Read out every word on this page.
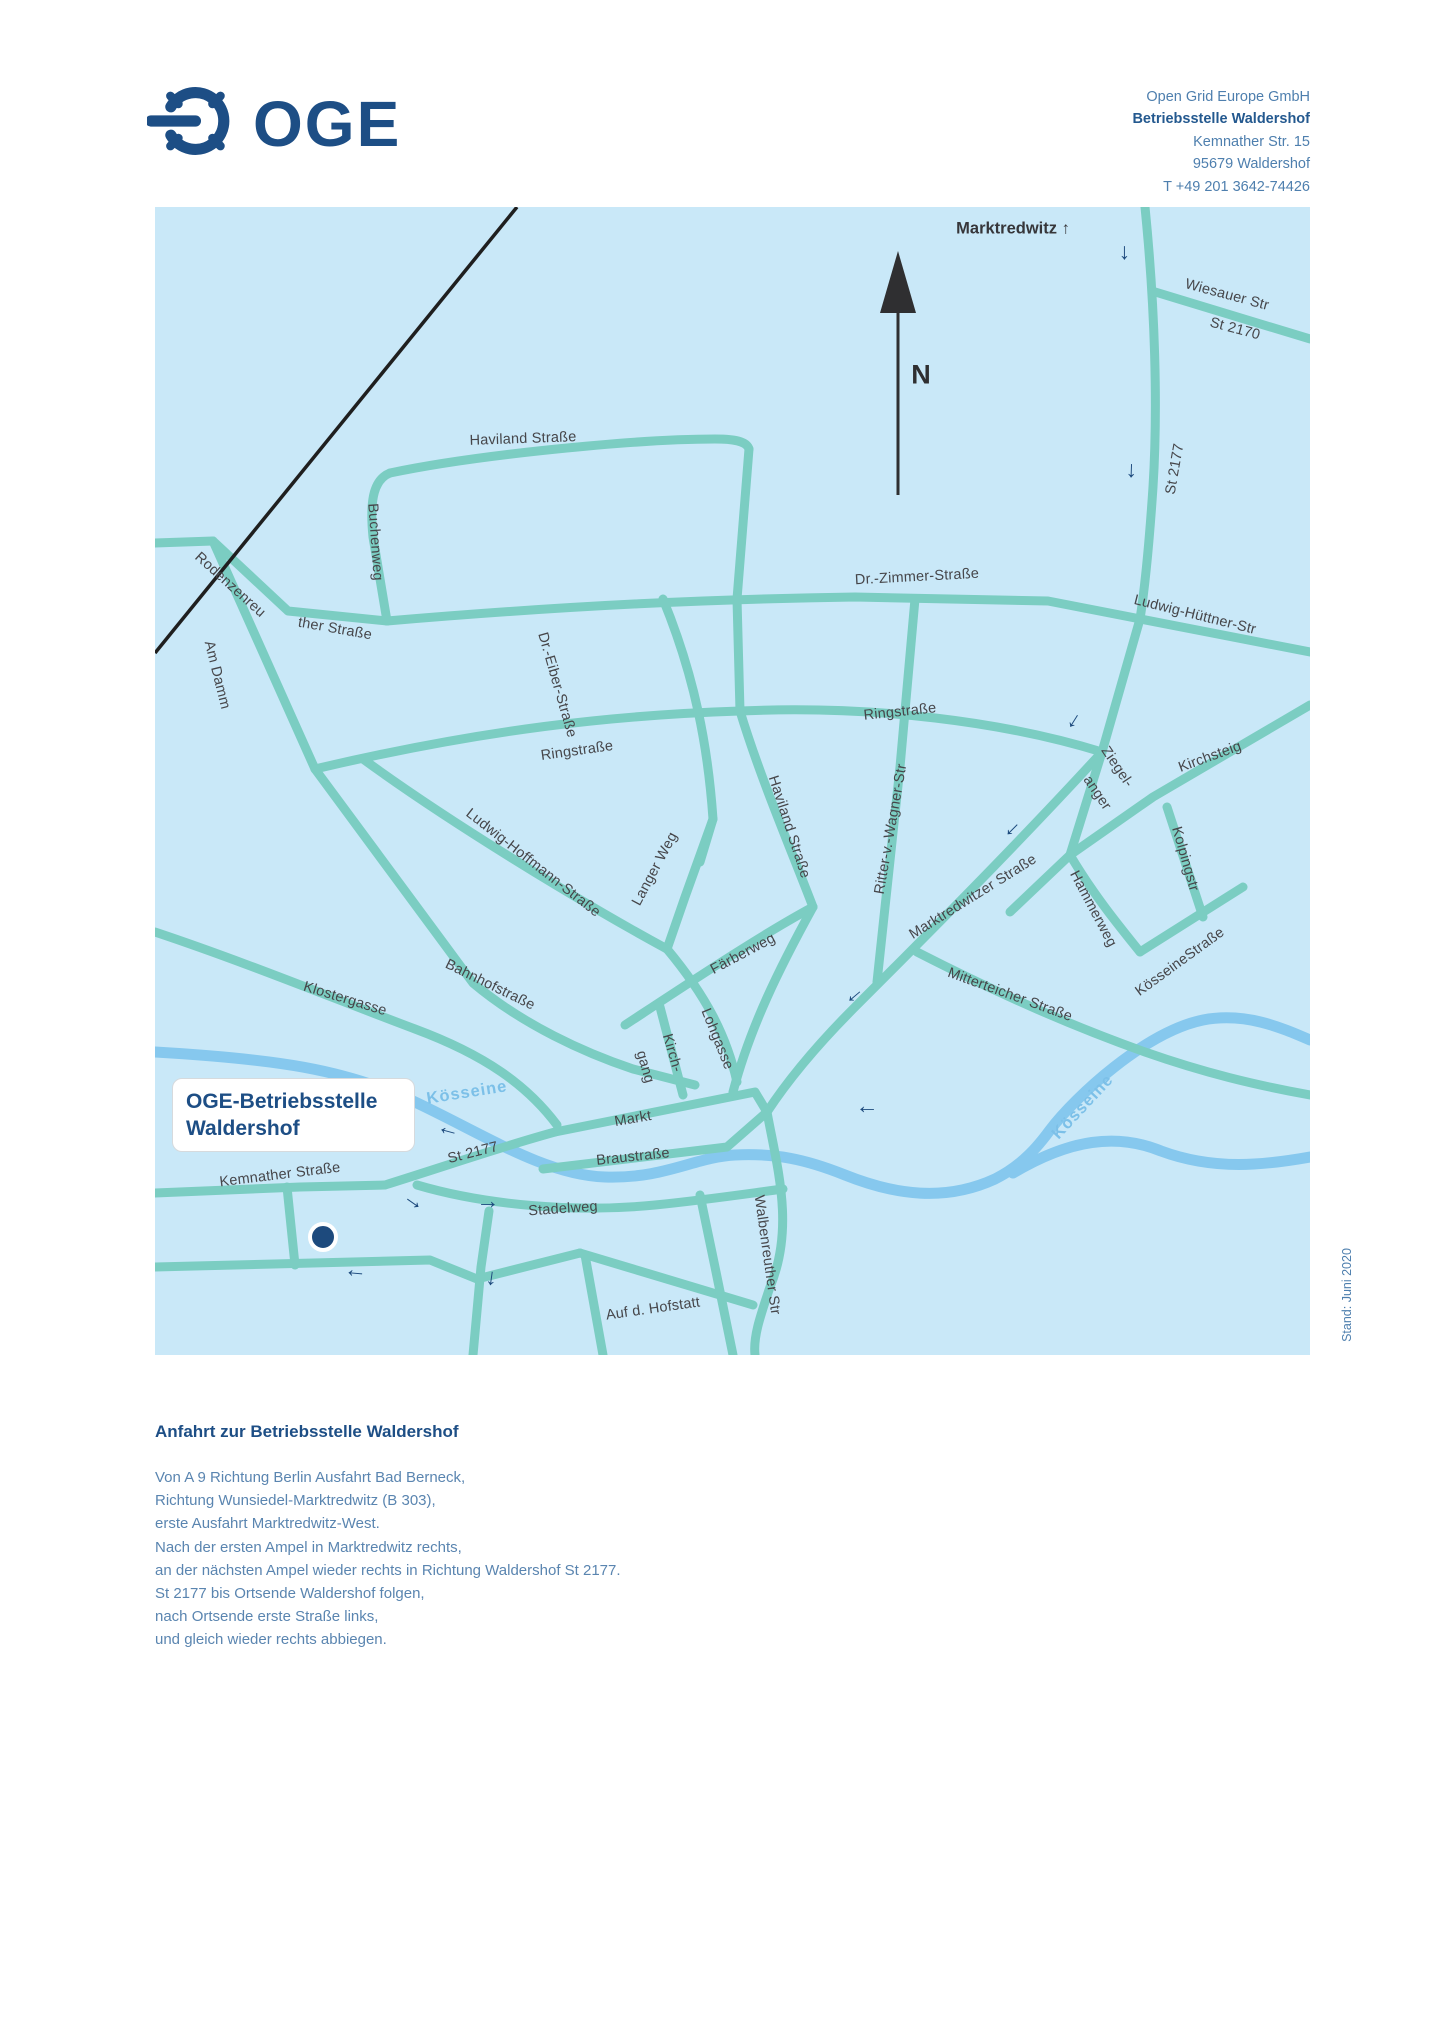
OGE	Open Grid Europe GmbH
Betriebsstelle Waldershof
Kemnather Str. 15
95679 Waldershof
T +49 201 3642-74426
Marktredwitz ↑
N
Wiesauer Str
St 2170
St 2177
Haviland Straße
Buchenweg
Rodenzenreu
ther Straße
Am Damm
Dr.-Zimmer-Straße
Ludwig-Hüttner-Str
Dr.-Eiber-Straße
Ringstraße
Ringstraße
Ziegel-
anger
Kirchsteig
Haviland Straße	Ritter-v.-Wagner-Str
Langer Weg
Ludwig-Hoffmann-Straße
Bahnhofstraße
Klostergasse
Färberweg
Lohgasse
Kirch-
gang
Markt
Braustraße
St 2177
Kemnather Straße
Stadelweg	Walbenreuther Str
Auf d. Hofstatt
Marktredwitzer Straße
Mitterteicher Straße
Hammerweg
Kolpingstr
KösseineStraße
Kösseine	Kösseine
→
→
→
→
→
→
→
→ →
→	→
OGE-Betriebsstelle
Waldershof
Stand: Juni 2020
Anfahrt zur Betriebsstelle Waldershof
Von A 9 Richtung Berlin Ausfahrt Bad Berneck,
Richtung Wunsiedel-Marktredwitz (B 303),
erste Ausfahrt Marktredwitz-West.
Nach der ersten Ampel in Marktredwitz rechts,
an der nächsten Ampel wieder rechts in Richtung Waldershof St 2177.
St 2177 bis Ortsende Waldershof folgen,
nach Ortsende erste Straße links,
und gleich wieder rechts abbiegen.
